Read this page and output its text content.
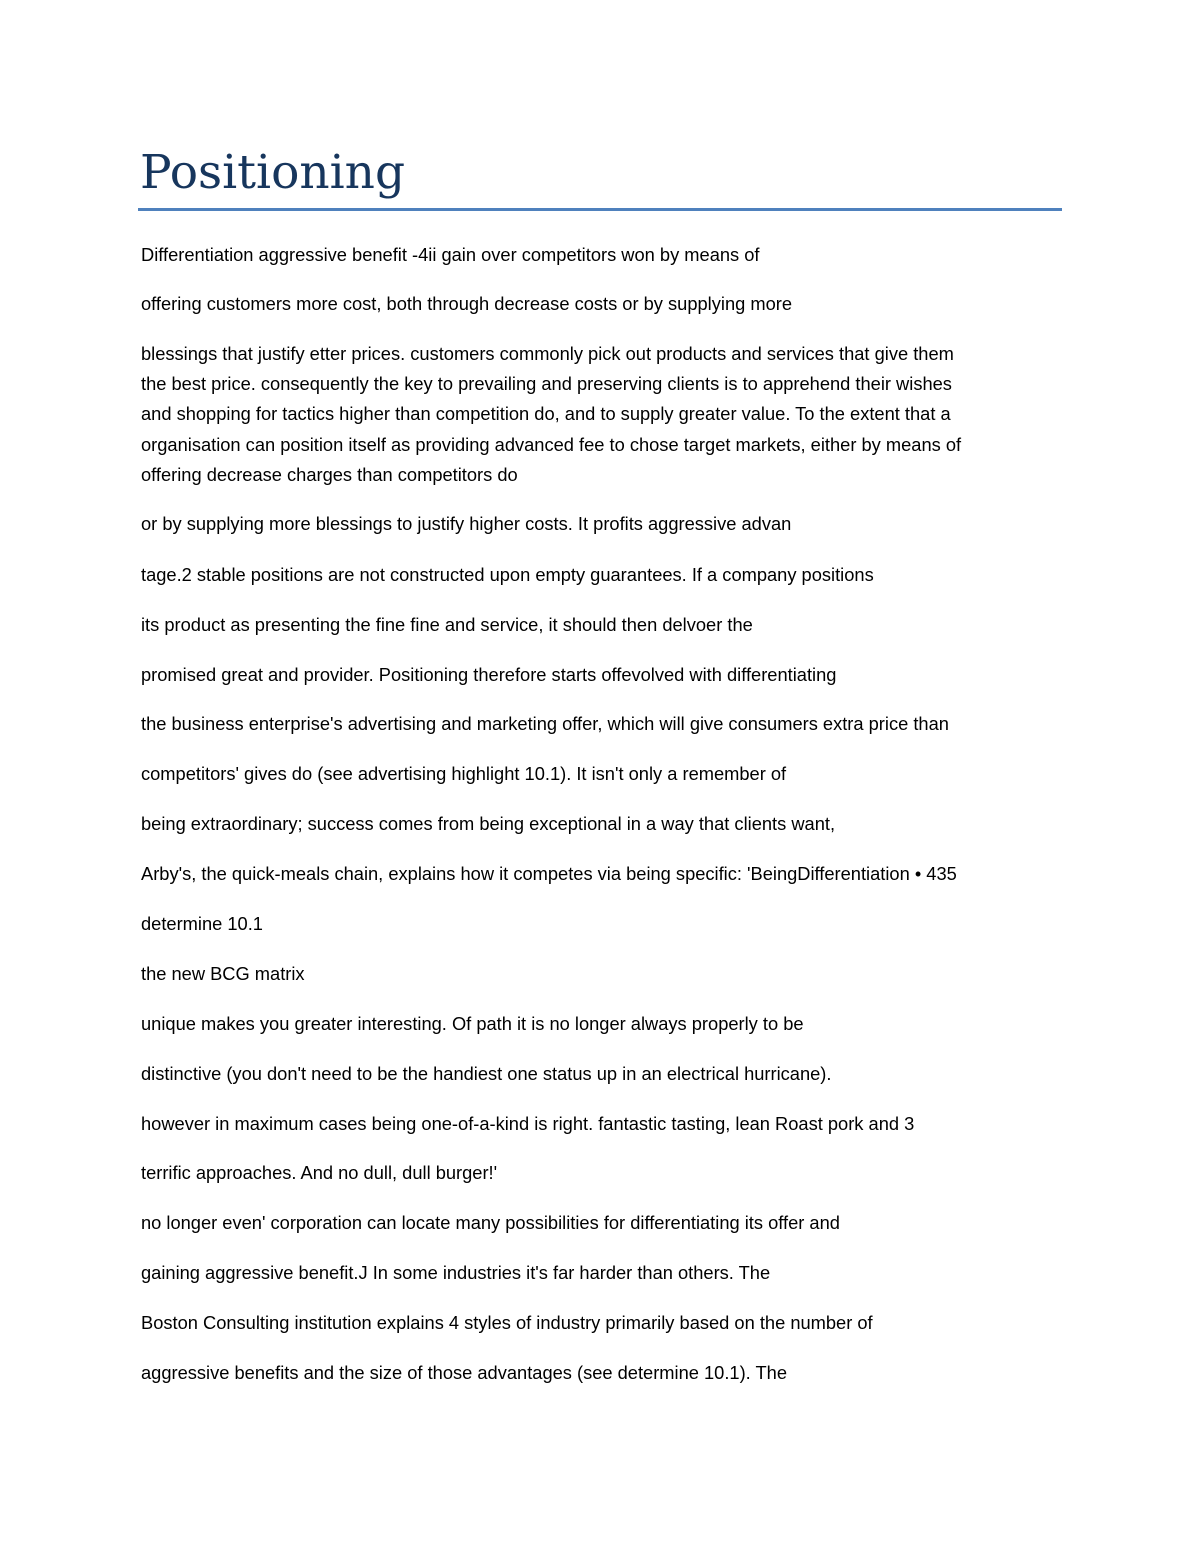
Positioning

Differentiation aggressive benefit -4ii gain over competitors won by means of

offering customers more cost, both through decrease costs or by supplying more

blessings that justify etter prices. customers commonly pick out products and services that give them

the best price. consequently the key to prevailing and preserving clients is to apprehend their wishes

and shopping for tactics higher than competition do, and to supply greater value. To the extent that a

organisation can position itself as providing advanced fee to chose target markets, either by means of

offering decrease charges than competitors do

or by supplying more blessings to justify higher costs. It profits aggressive advan

tage.2 stable positions are not constructed upon empty guarantees. If a company positions

its product as presenting the fine fine and service, it should then delvoer the

promised great and provider. Positioning therefore starts offevolved with differentiating

the business enterprise's advertising and marketing offer, which will give consumers extra price than

competitors' gives do (see advertising highlight 10.1). It isn't only a remember of

being extraordinary; success comes from being exceptional in a way that clients want,

Arby's, the quick-meals chain, explains how it competes via being specific: 'BeingDifferentiation • 435

determine 10.1

the new BCG matrix

unique makes you greater interesting. Of path it is no longer always properly to be

distinctive (you don't need to be the handiest one status up in an electrical hurricane).

however in maximum cases being one-of-a-kind is right. fantastic tasting, lean Roast pork and 3

terrific approaches. And no dull, dull burger!'

no longer even' corporation can locate many possibilities for differentiating its offer and

gaining aggressive benefit.J In some industries it's far harder than others. The

Boston Consulting institution explains 4 styles of industry primarily based on the number of

aggressive benefits and the size of those advantages (see determine 10.1). The
